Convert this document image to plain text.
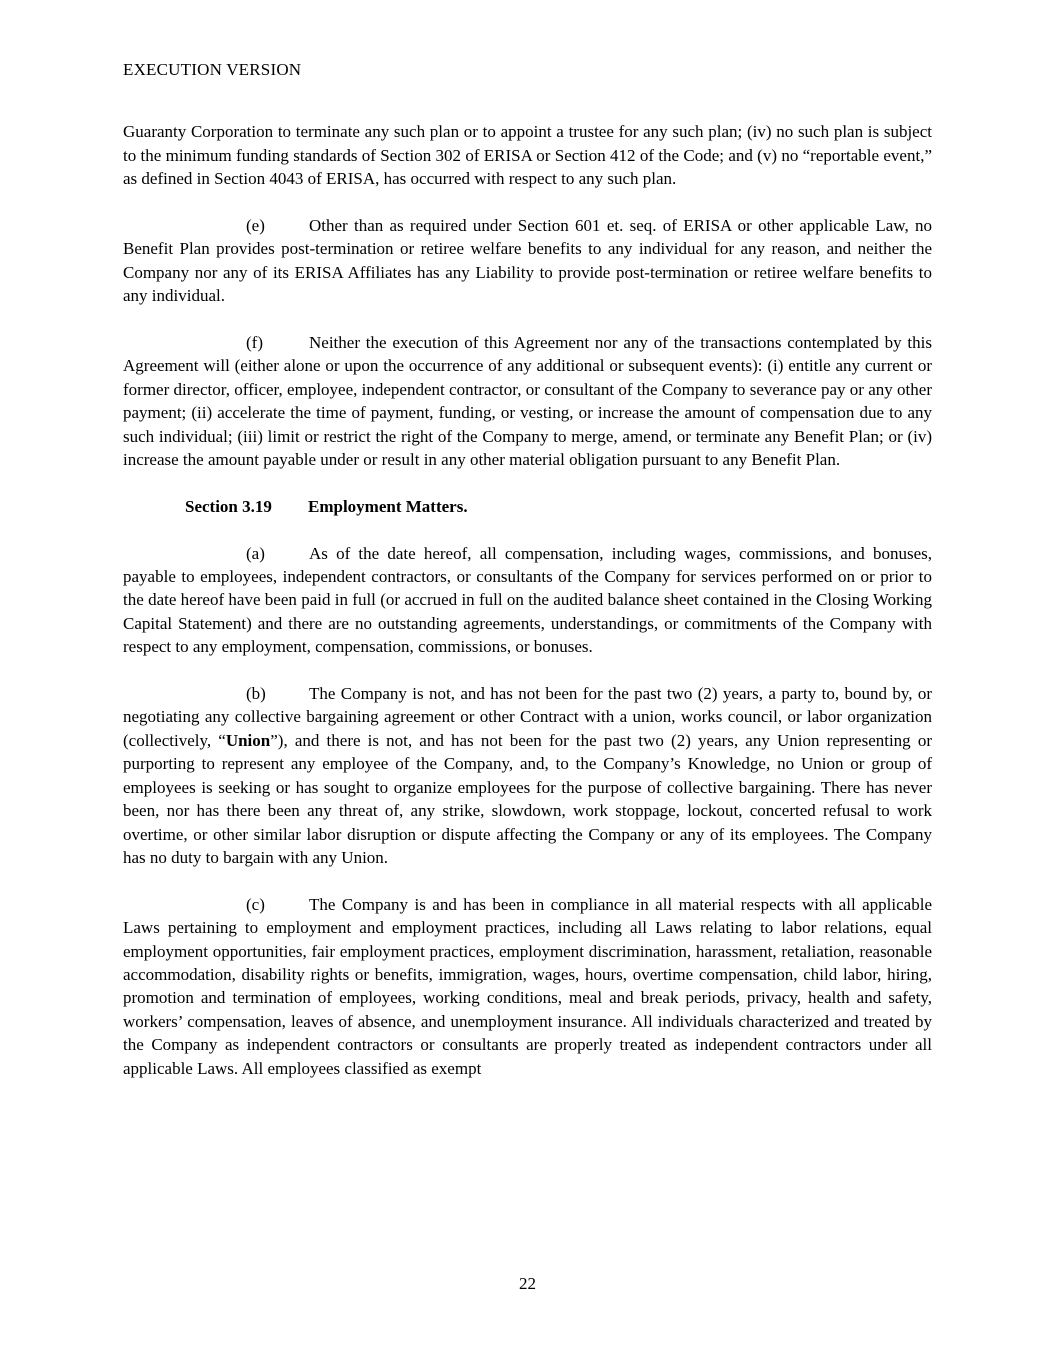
EXECUTION VERSION

Guaranty Corporation to terminate any such plan or to appoint a trustee for any such plan; (iv) no such plan is subject to the minimum funding standards of Section 302 of ERISA or Section 412 of the Code; and (v) no “reportable event,” as defined in Section 4043 of ERISA, has occurred with respect to any such plan.

(e)	Other than as required under Section 601 et. seq. of ERISA or other applicable Law, no Benefit Plan provides post-termination or retiree welfare benefits to any individual for any reason, and neither the Company nor any of its ERISA Affiliates has any Liability to provide post-termination or retiree welfare benefits to any individual.

(f)	Neither the execution of this Agreement nor any of the transactions contemplated by this Agreement will (either alone or upon the occurrence of any additional or subsequent events): (i) entitle any current or former director, officer, employee, independent contractor, or consultant of the Company to severance pay or any other payment; (ii) accelerate the time of payment, funding, or vesting, or increase the amount of compensation due to any such individual; (iii) limit or restrict the right of the Company to merge, amend, or terminate any Benefit Plan; or (iv) increase the amount payable under or result in any other material obligation pursuant to any Benefit Plan.

Section 3.19 Employment Matters.

(a)	As of the date hereof, all compensation, including wages, commissions, and bonuses, payable to employees, independent contractors, or consultants of the Company for services performed on or prior to the date hereof have been paid in full (or accrued in full on the audited balance sheet contained in the Closing Working Capital Statement) and there are no outstanding agreements, understandings, or commitments of the Company with respect to any employment, compensation, commissions, or bonuses.

(b)	The Company is not, and has not been for the past two (2) years, a party to, bound by, or negotiating any collective bargaining agreement or other Contract with a union, works council, or labor organization (collectively, “Union”), and there is not, and has not been for the past two (2) years, any Union representing or purporting to represent any employee of the Company, and, to the Company’s Knowledge, no Union or group of employees is seeking or has sought to organize employees for the purpose of collective bargaining. There has never been, nor has there been any threat of, any strike, slowdown, work stoppage, lockout, concerted refusal to work overtime, or other similar labor disruption or dispute affecting the Company or any of its employees. The Company has no duty to bargain with any Union.

(c)	The Company is and has been in compliance in all material respects with all applicable Laws pertaining to employment and employment practices, including all Laws relating to labor relations, equal employment opportunities, fair employment practices, employment discrimination, harassment, retaliation, reasonable accommodation, disability rights or benefits, immigration, wages, hours, overtime compensation, child labor, hiring, promotion and termination of employees, working conditions, meal and break periods, privacy, health and safety, workers’ compensation, leaves of absence, and unemployment insurance. All individuals characterized and treated by the Company as independent contractors or consultants are properly treated as independent contractors under all applicable Laws. All employees classified as exempt

22
